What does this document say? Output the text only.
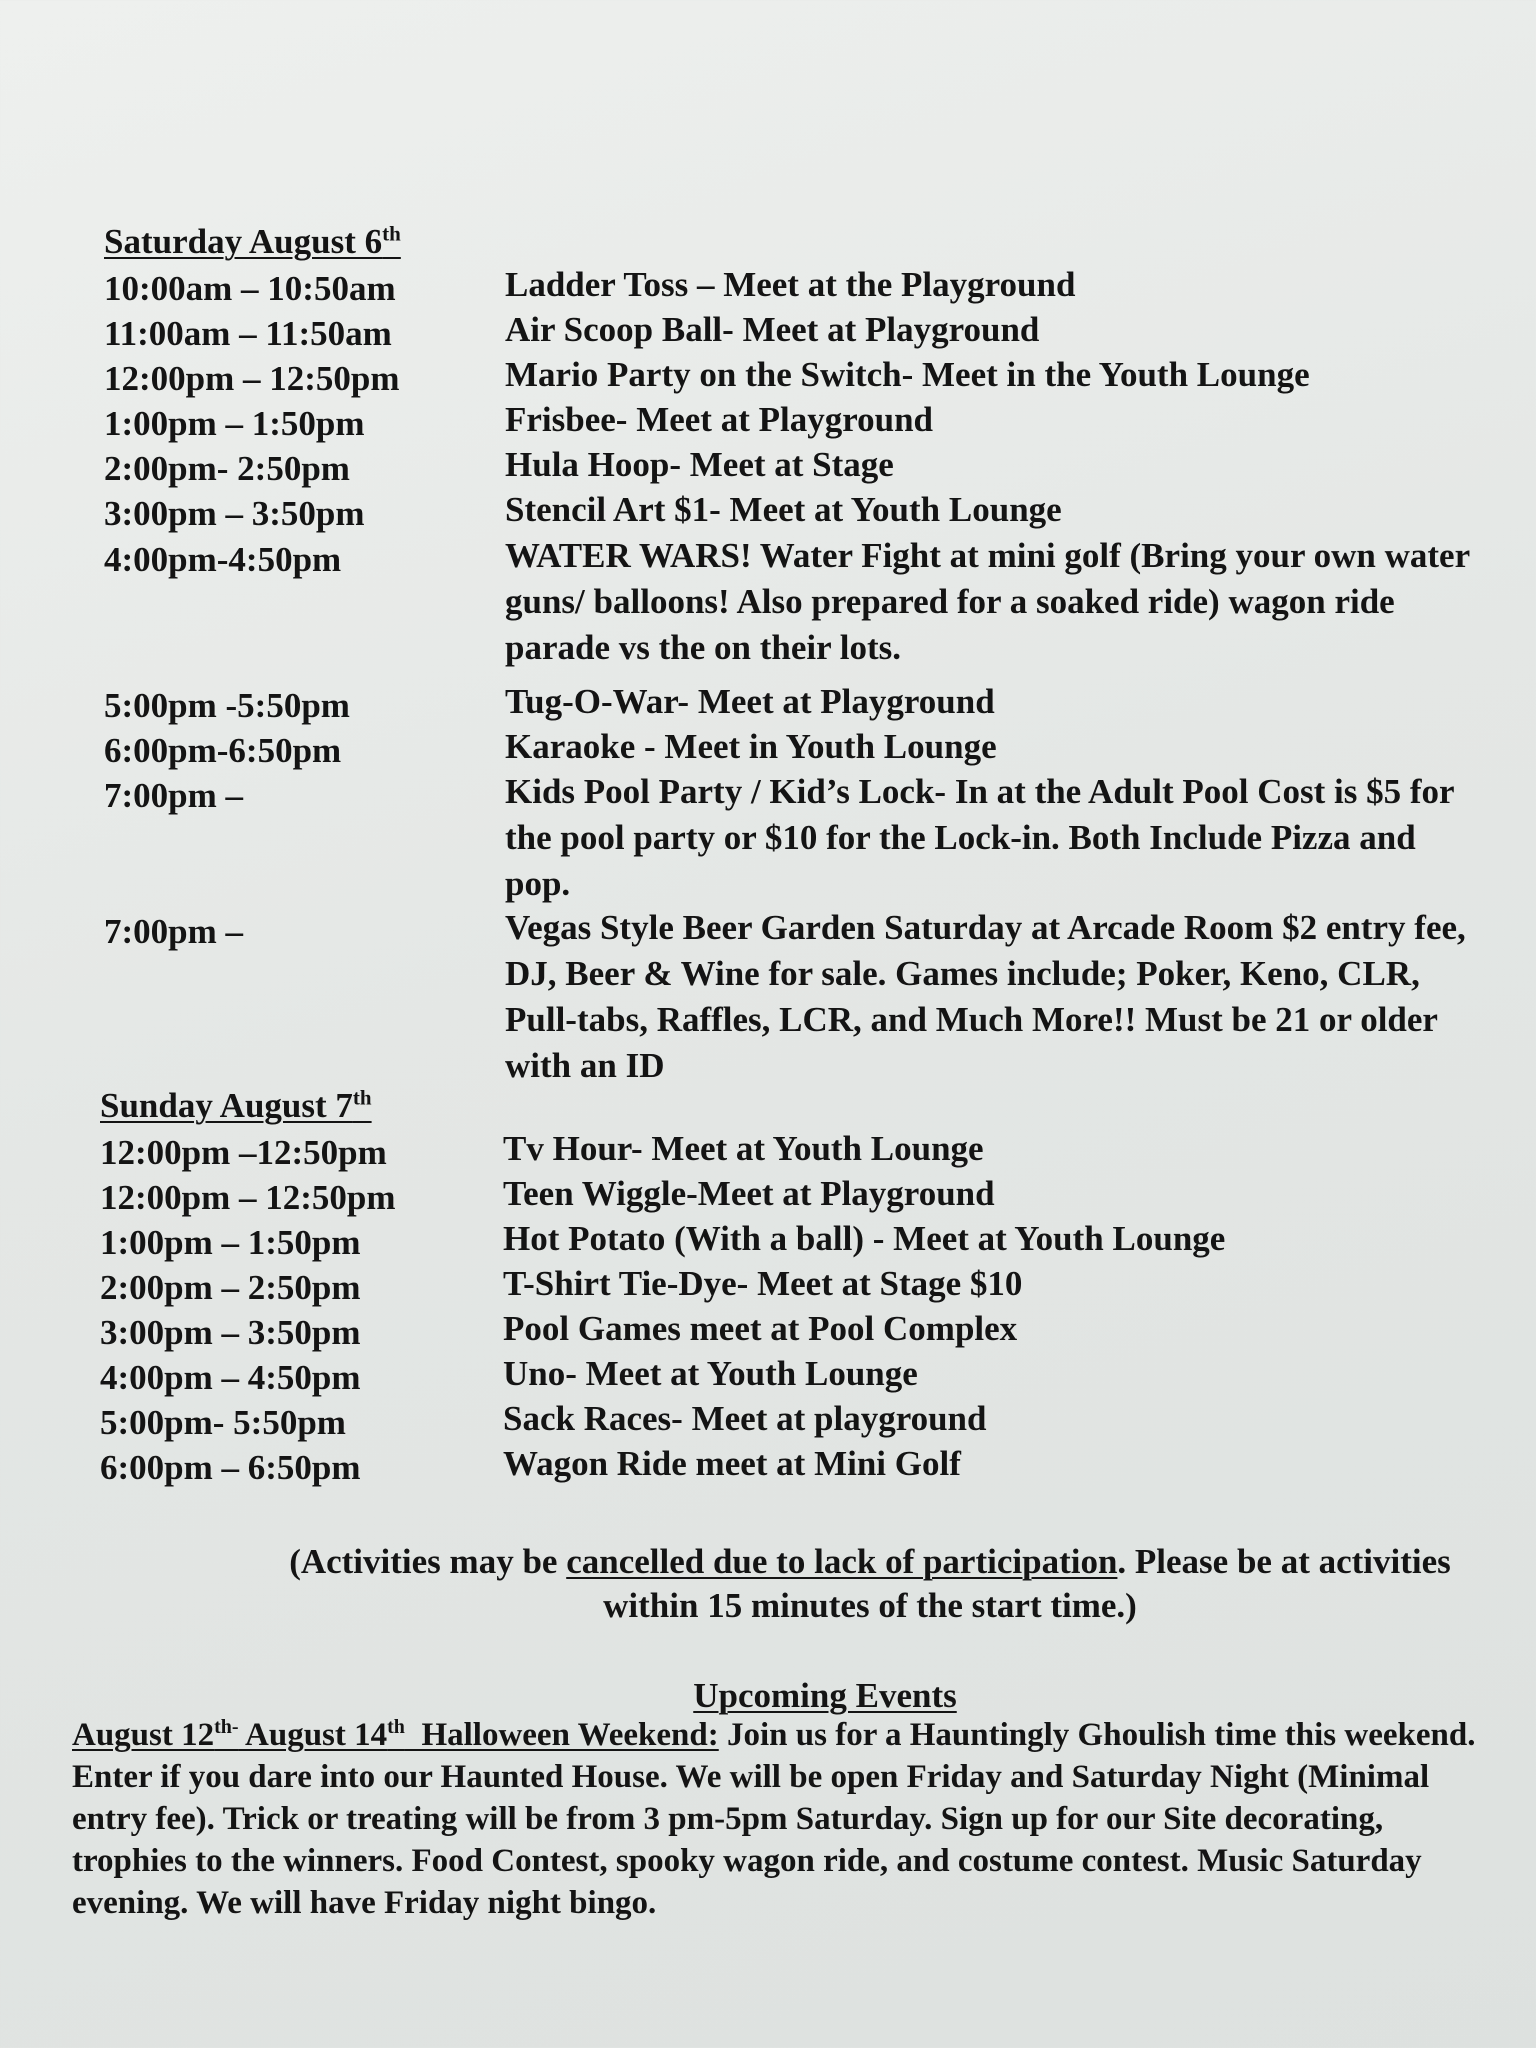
Saturday August 6th
10:00am – 10:50am	Ladder Toss – Meet at the Playground
11:00am – 11:50am	Air Scoop Ball- Meet at Playground
12:00pm – 12:50pm	Mario Party on the Switch- Meet in the Youth Lounge
1:00pm – 1:50pm	Frisbee- Meet at Playground
2:00pm- 2:50pm	Hula Hoop- Meet at Stage
3:00pm – 3:50pm	Stencil Art $1- Meet at Youth Lounge
4:00pm-4:50pm	WATER WARS! Water Fight at mini golf (Bring your own water guns/ balloons! Also prepared for a soaked ride) wagon ride parade vs the on their lots.
5:00pm -5:50pm	Tug-O-War- Meet at Playground
6:00pm-6:50pm	Karaoke - Meet in Youth Lounge
7:00pm –	Kids Pool Party / Kid’s Lock- In at the Adult Pool Cost is $5 for the pool party or $10 for the Lock-in. Both Include Pizza and pop.
7:00pm –	Vegas Style Beer Garden Saturday at Arcade Room $2 entry fee, DJ, Beer & Wine for sale. Games include; Poker, Keno, CLR, Pull-tabs, Raffles, LCR, and Much More!! Must be 21 or older with an ID
Sunday August 7th
12:00pm –12:50pm	Tv Hour- Meet at Youth Lounge
12:00pm – 12:50pm	Teen Wiggle-Meet at Playground
1:00pm – 1:50pm	Hot Potato (With a ball) - Meet at Youth Lounge
2:00pm – 2:50pm	T-Shirt Tie-Dye- Meet at Stage $10
3:00pm – 3:50pm	Pool Games meet at Pool Complex
4:00pm – 4:50pm	Uno- Meet at Youth Lounge
5:00pm- 5:50pm	Sack Races- Meet at playground
6:00pm – 6:50pm	Wagon Ride meet at Mini Golf
(Activities may be cancelled due to lack of participation. Please be at activities within 15 minutes of the start time.)
Upcoming Events
August $12^{th-}$ August 14th  Halloween Weekend: Join us for a Hauntingly Ghoulish time this weekend. Enter if you dare into our Haunted House. We will be open Friday and Saturday Night (Minimal entry fee). Trick or treating will be from 3 pm-5pm Saturday. Sign up for our Site decorating, trophies to the winners. Food Contest, spooky wagon ride, and costume contest. Music Saturday evening. We will have Friday night bingo.
